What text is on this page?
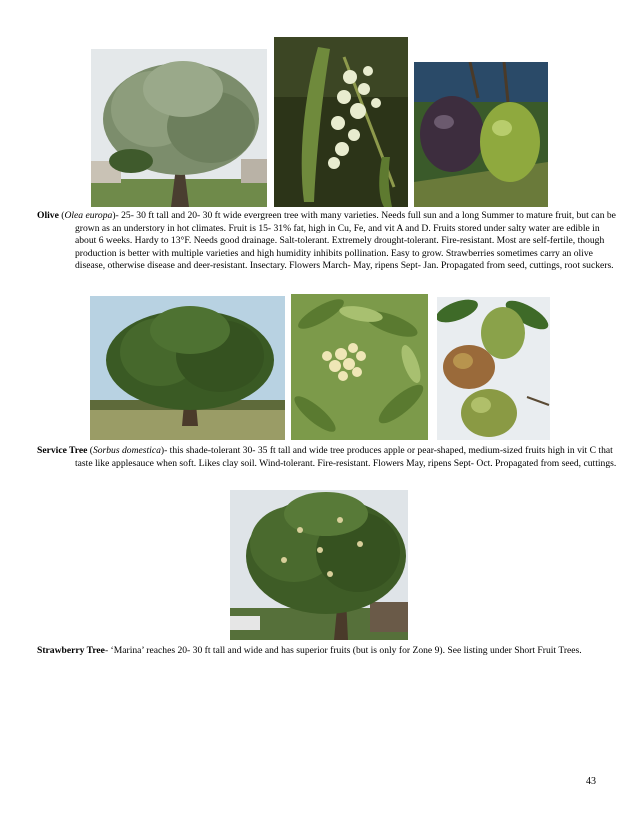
Olive (Olea europa)- 25- 30 ft tall and 20- 30 ft wide evergreen tree with many varieties. Needs full sun and a long Summer to mature fruit, but can be grown as an understory in hot climates. Fruit is 15- 31% fat, high in Cu, Fe, and vit A and D. Fruits stored under salty water are edible in about 6 weeks. Hardy to 13°F. Needs good drainage. Salt-tolerant. Extremely drought-tolerant. Fire-resistant. Most are self-fertile, though production is better with multiple varieties and high humidity inhibits pollination. Easy to grow. Strawberries sometimes carry an olive disease, otherwise disease and deer-resistant. Insectary. Flowers March- May, ripens Sept- Jan. Propagated from seed, cuttings, root suckers.
Service Tree (Sorbus domestica)- this shade-tolerant 30- 35 ft tall and wide tree produces apple or pear-shaped, medium-sized fruits high in vit C that taste like applesauce when soft. Likes clay soil. Wind-tolerant. Fire-resistant. Flowers May, ripens Sept- Oct. Propagated from seed, cuttings.
Strawberry Tree- ‘Marina’ reaches 20- 30 ft tall and wide and has superior fruits (but is only for Zone 9). See listing under Short Fruit Trees.
43
